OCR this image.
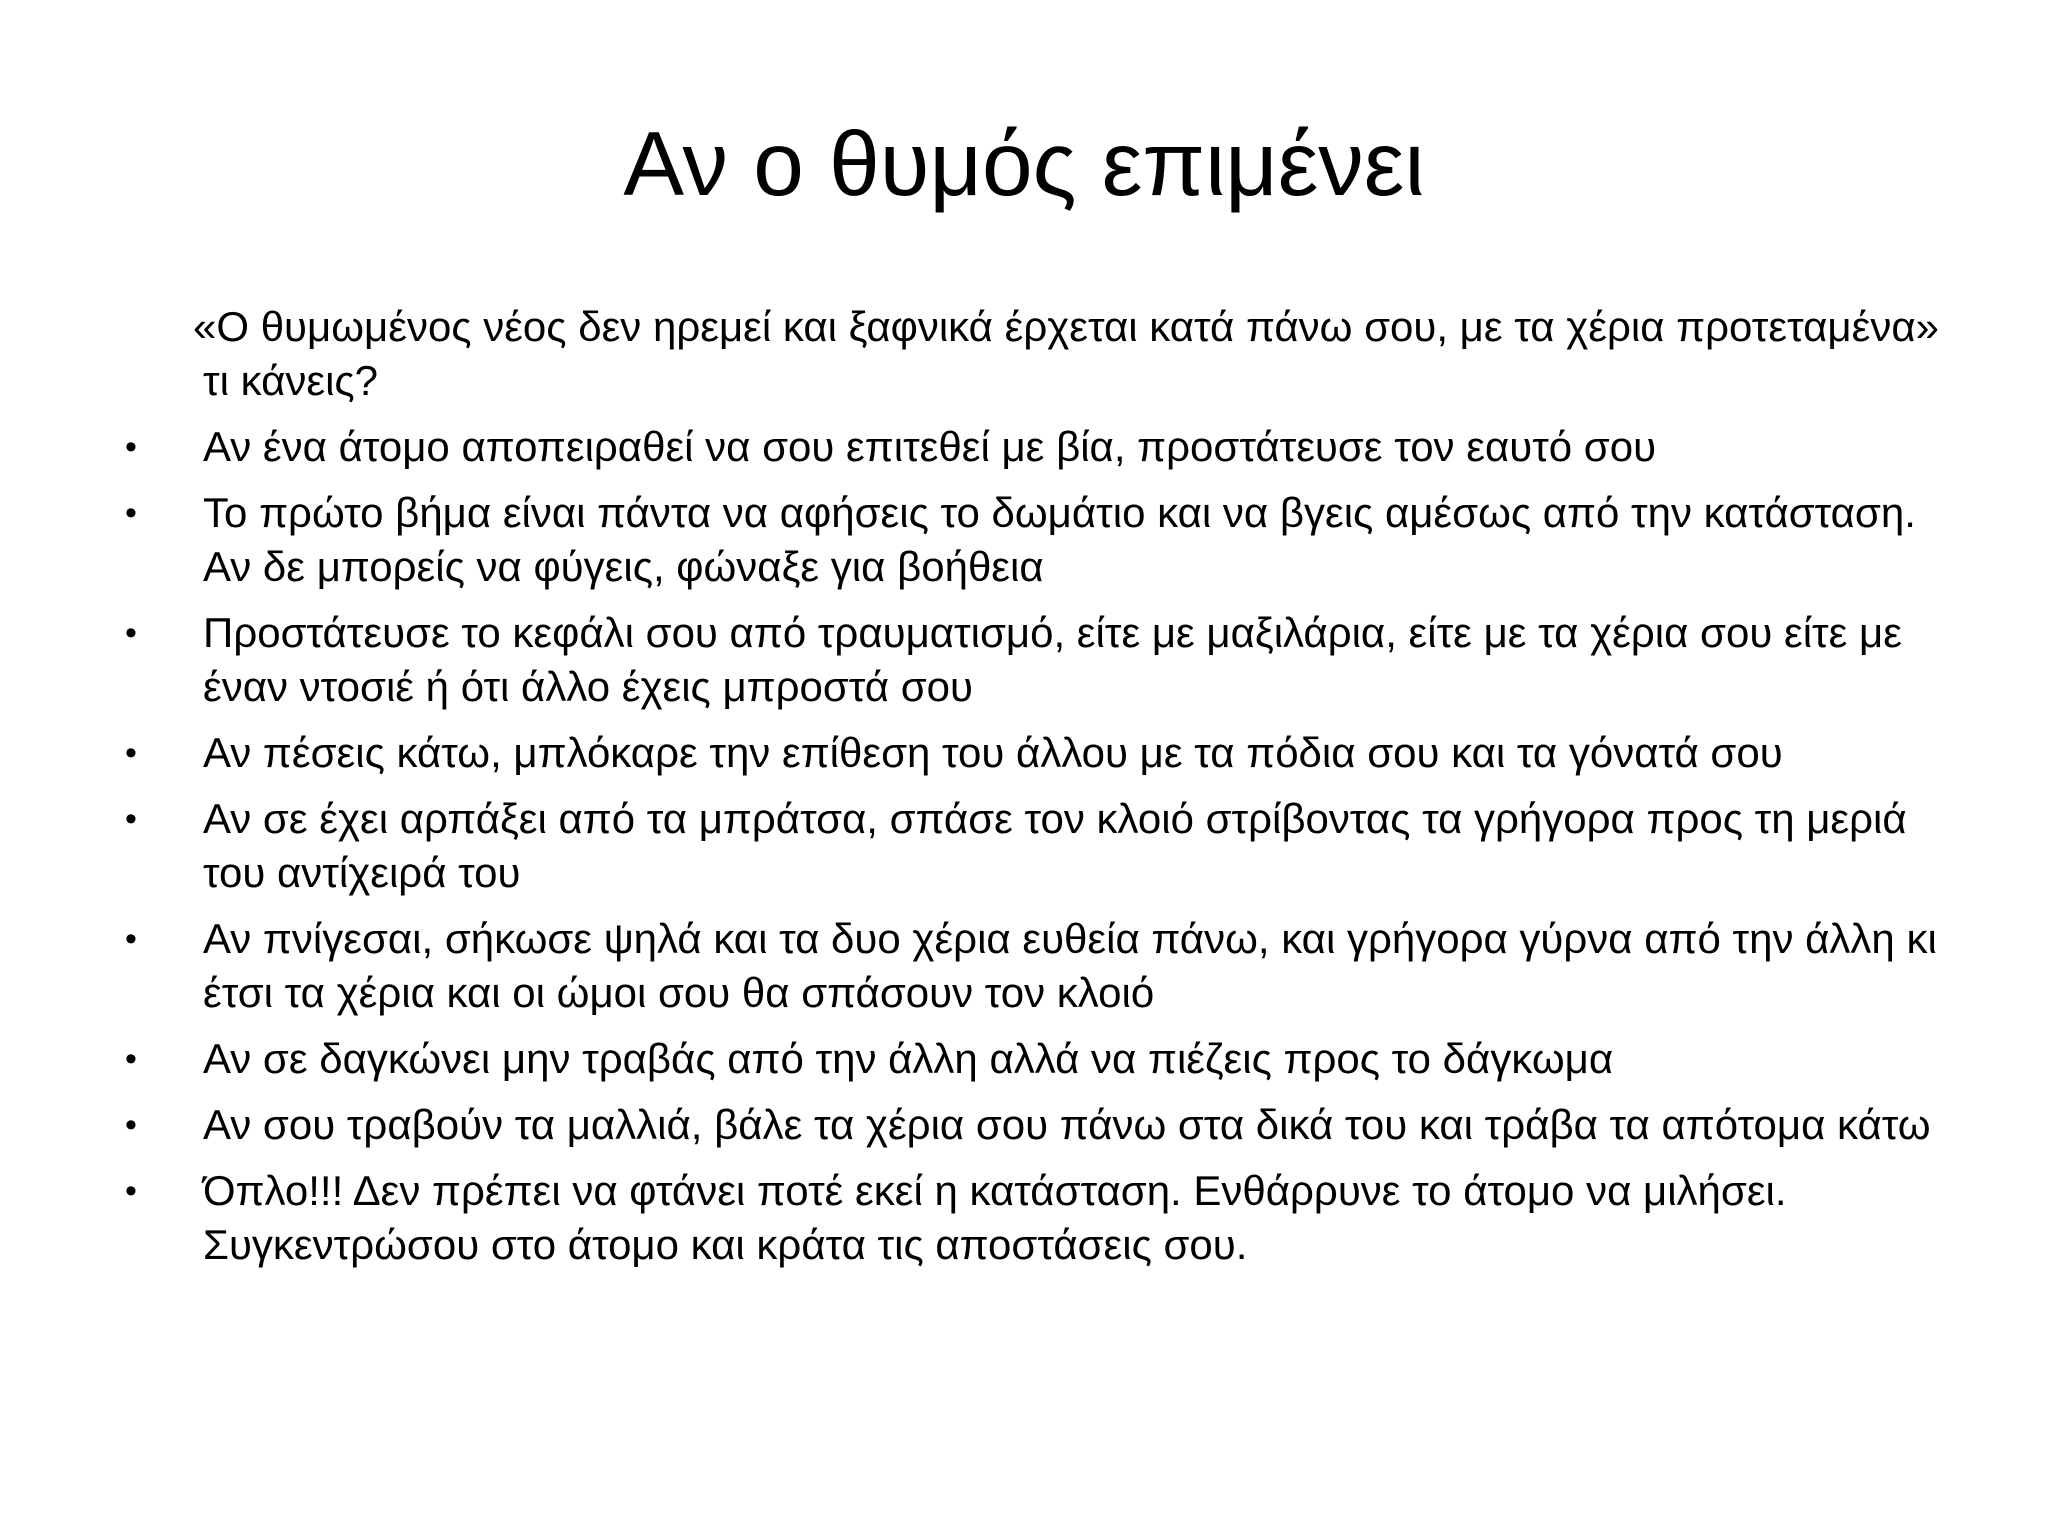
Αν ο θυμός επιμένει
«Ο θυμωμένος νέος δεν ηρεμεί και ξαφνικά έρχεται κατά πάνω σου, με τα χέρια προτεταμένα» τι κάνεις?
• Αν ένα άτομο αποπειραθεί να σου επιτεθεί με βία, προστάτευσε τον εαυτό σου
• Το πρώτο βήμα είναι πάντα να αφήσεις το δωμάτιο και να βγεις αμέσως από την κατάσταση. Αν δε μπορείς να φύγεις, φώναξε για βοήθεια
• Προστάτευσε το κεφάλι σου από τραυματισμό, είτε με μαξιλάρια, είτε με τα χέρια σου είτε με έναν ντοσιέ ή ότι άλλο έχεις μπροστά σου
• Αν πέσεις κάτω, μπλόκαρε την επίθεση του άλλου με τα πόδια σου και τα γόνατά σου
• Αν σε έχει αρπάξει από τα μπράτσα, σπάσε τον κλοιό στρίβοντας τα γρήγορα προς τη μεριά του αντίχειρά του
• Αν πνίγεσαι, σήκωσε ψηλά και τα δυο χέρια ευθεία πάνω, και γρήγορα γύρνα από την άλλη κι έτσι τα χέρια και οι ώμοι σου θα σπάσουν τον κλοιό
• Αν σε δαγκώνει μην τραβάς από την άλλη αλλά να πιέζεις προς το δάγκωμα
• Αν σου τραβούν τα μαλλιά, βάλε τα χέρια σου πάνω στα δικά του και τράβα τα απότομα κάτω
• Όπλο!!! Δεν πρέπει να φτάνει ποτέ εκεί η κατάσταση. Ενθάρρυνε το άτομο να μιλήσει. Συγκεντρώσου στο άτομο και κράτα τις αποστάσεις σου.
